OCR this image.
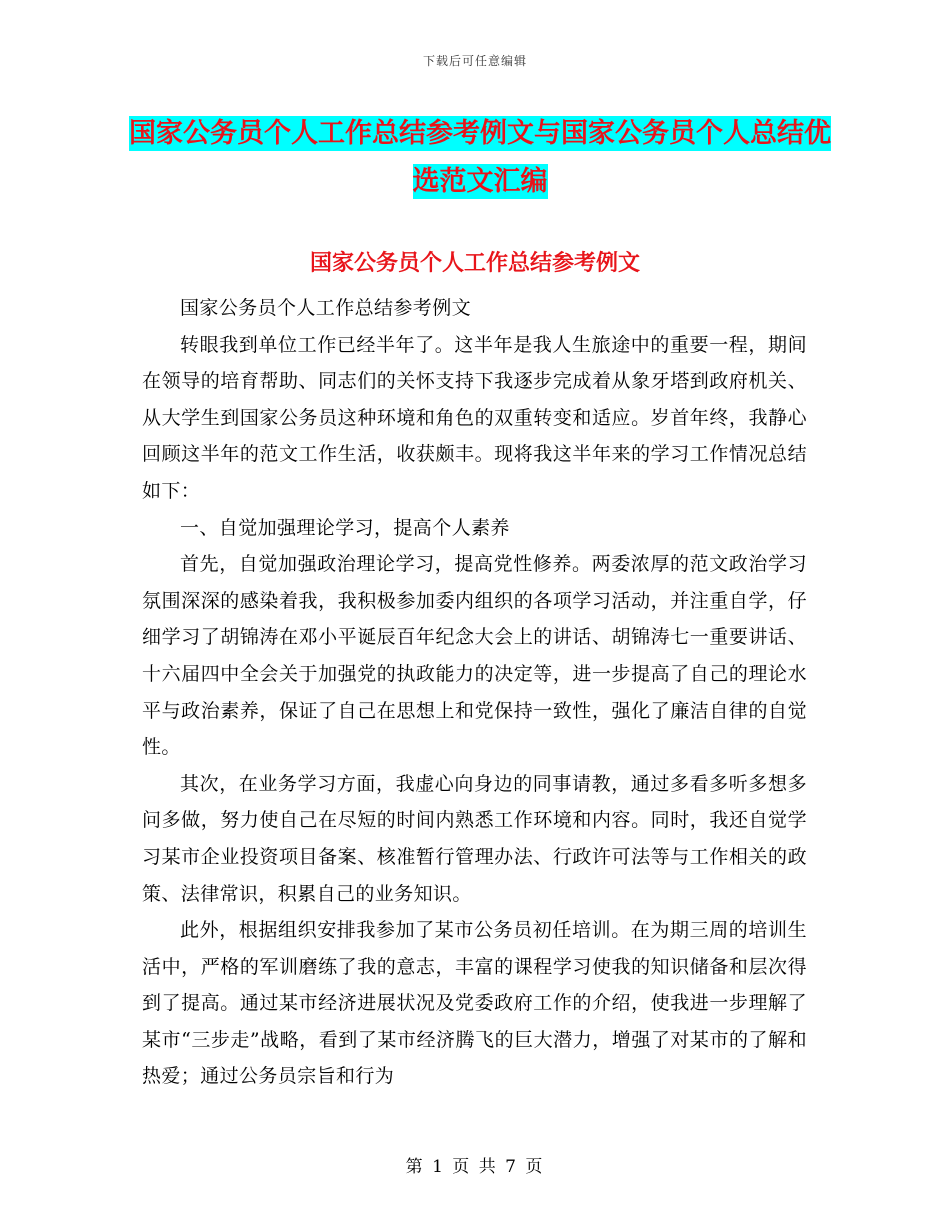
下载后可任意编辑
国家公务员个人工作总结参考例文与国家公务员个人总结优选范文汇编
国家公务员个人工作总结参考例文

国家公务员个人工作总结参考例文

转眼我到单位工作已经半年了。这半年是我人生旅途中的重要一程，期间在领导的培育帮助、同志们的关怀支持下我逐步完成着从象牙塔到政府机关、从大学生到国家公务员这种环境和角色的双重转变和适应。岁首年终，我静心回顾这半年的范文工作生活，收获颇丰。现将我这半年来的学习工作情况总结如下：

一、自觉加强理论学习，提高个人素养

首先，自觉加强政治理论学习，提高党性修养。两委浓厚的范文政治学习氛围深深的感染着我，我积极参加委内组织的各项学习活动，并注重自学，仔细学习了胡锦涛在邓小平诞辰百年纪念大会上的讲话、胡锦涛七一重要讲话、十六届四中全会关于加强党的执政能力的决定等，进一步提高了自己的理论水平与政治素养，保证了自己在思想上和党保持一致性，强化了廉洁自律的自觉性。

其次，在业务学习方面，我虚心向身边的同事请教，通过多看多听多想多问多做，努力使自己在尽短的时间内熟悉工作环境和内容。同时，我还自觉学习某市企业投资项目备案、核准暂行管理办法、行政许可法等与工作相关的政策、法律常识，积累自己的业务知识。

此外，根据组织安排我参加了某市公务员初任培训。在为期三周的培训生活中，严格的军训磨练了我的意志，丰富的课程学习使我的知识储备和层次得到了提高。通过某市经济进展状况及党委政府工作的介绍，使我进一步理解了某市“三步走”战略，看到了某市经济腾飞的巨大潜力，增强了对某市的了解和热爱；通过公务员宗旨和行为

第 1 页 共 7 页
